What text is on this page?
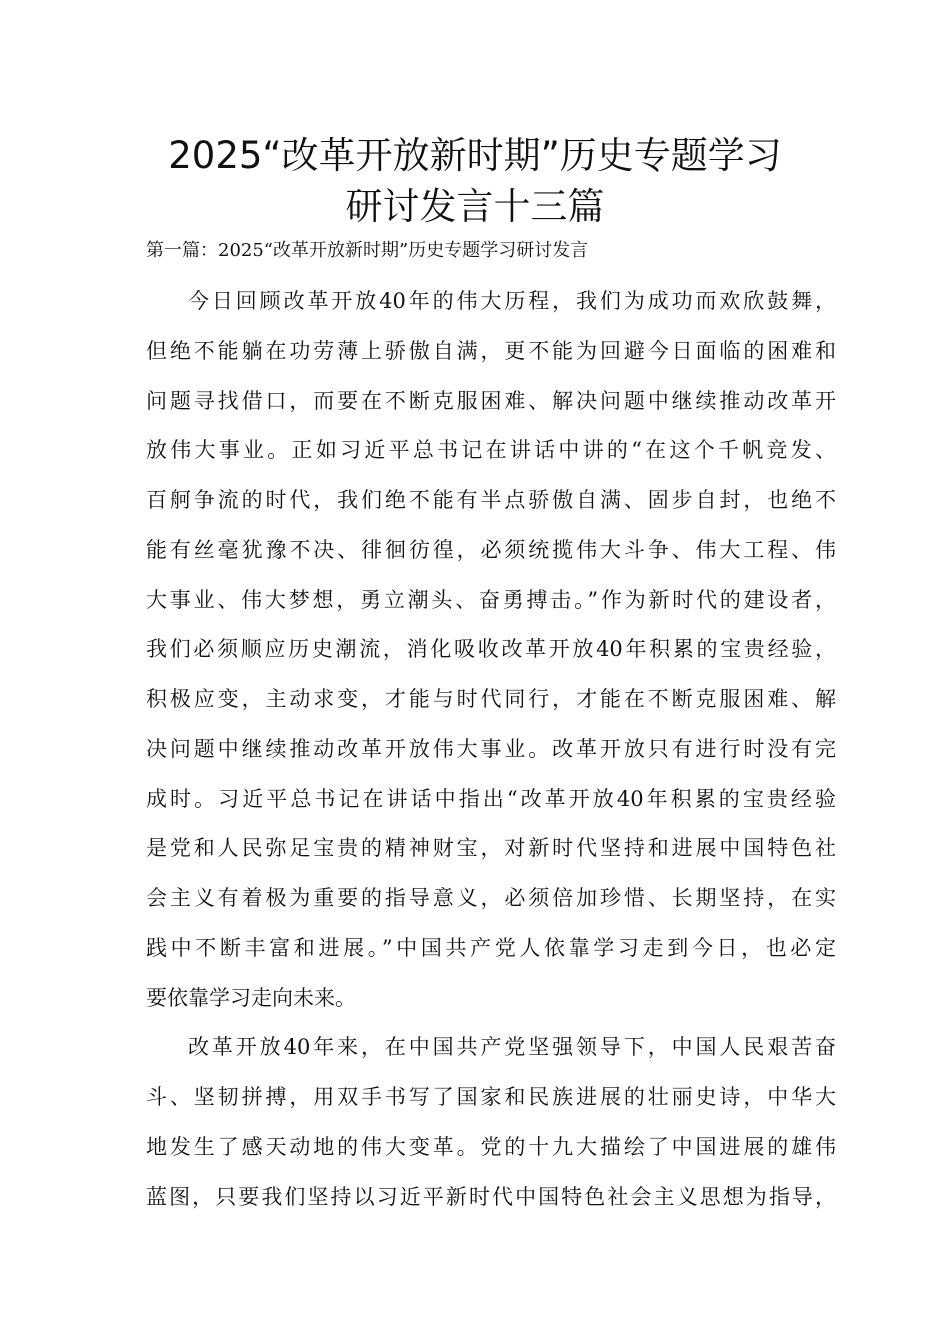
2025“改革开放新时期”历史专题学习
研讨发言十三篇
第一篇：2025“改革开放新时期”历史专题学习研讨发言
今日回顾改革开放40年的伟大历程，我们为成功而欢欣鼓舞，
但绝不能躺在功劳薄上骄傲自满，更不能为回避今日面临的困难和
问题寻找借口，而要在不断克服困难、解决问题中继续推动改革开
放伟大事业。正如习近平总书记在讲话中讲的“在这个千帆竞发、
百舸争流的时代，我们绝不能有半点骄傲自满、固步自封，也绝不
能有丝毫犹豫不决、徘徊彷徨，必须统揽伟大斗争、伟大工程、伟
大事业、伟大梦想，勇立潮头、奋勇搏击。”作为新时代的建设者，
我们必须顺应历史潮流，消化吸收改革开放40年积累的宝贵经验，
积极应变，主动求变，才能与时代同行，才能在不断克服困难、解
决问题中继续推动改革开放伟大事业。改革开放只有进行时没有完
成时。习近平总书记在讲话中指出“改革开放40年积累的宝贵经验
是党和人民弥足宝贵的精神财宝，对新时代坚持和进展中国特色社
会主义有着极为重要的指导意义，必须倍加珍惜、长期坚持，在实
践中不断丰富和进展。”中国共产党人依靠学习走到今日，也必定
要依靠学习走向未来。
改革开放40年来，在中国共产党坚强领导下，中国人民艰苦奋
斗、坚韧拼搏，用双手书写了国家和民族进展的壮丽史诗，中华大
地发生了感天动地的伟大变革。党的十九大描绘了中国进展的雄伟
蓝图，只要我们坚持以习近平新时代中国特色社会主义思想为指导，
